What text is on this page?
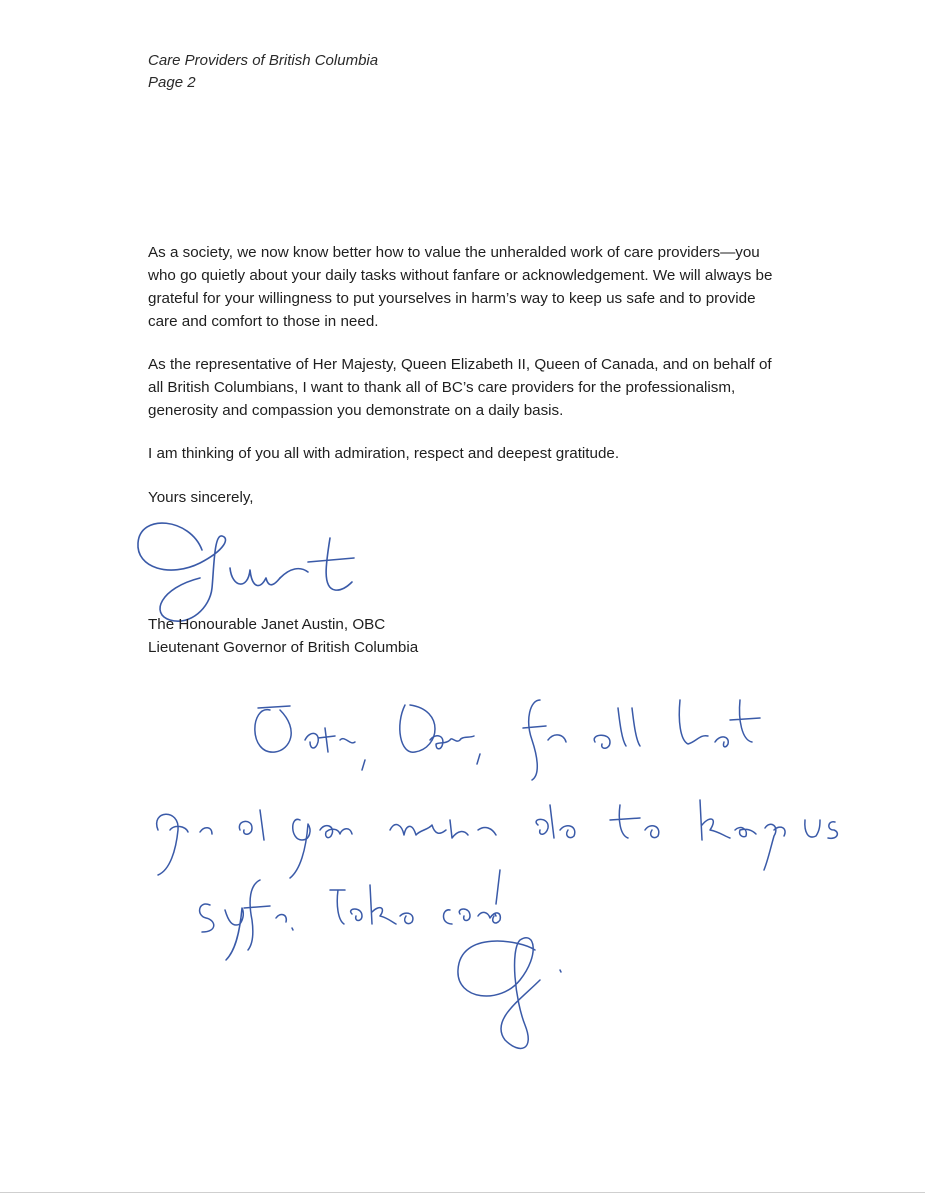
Care Providers of British Columbia
Page 2
As a society, we now know better how to value the unheralded work of care providers—you who go quietly about your daily tasks without fanfare or acknowledgement. We will always be grateful for your willingness to put yourselves in harm’s way to keep us safe and to provide care and comfort to those in need.
As the representative of Her Majesty, Queen Elizabeth II, Queen of Canada, and on behalf of all British Columbians, I want to thank all of BC’s care providers for the professionalism, generosity and compassion you demonstrate on a daily basis.
I am thinking of you all with admiration, respect and deepest gratitude.
Yours sincerely,
The Honourable Janet Austin, OBC
Lieutenant Governor of British Columbia
